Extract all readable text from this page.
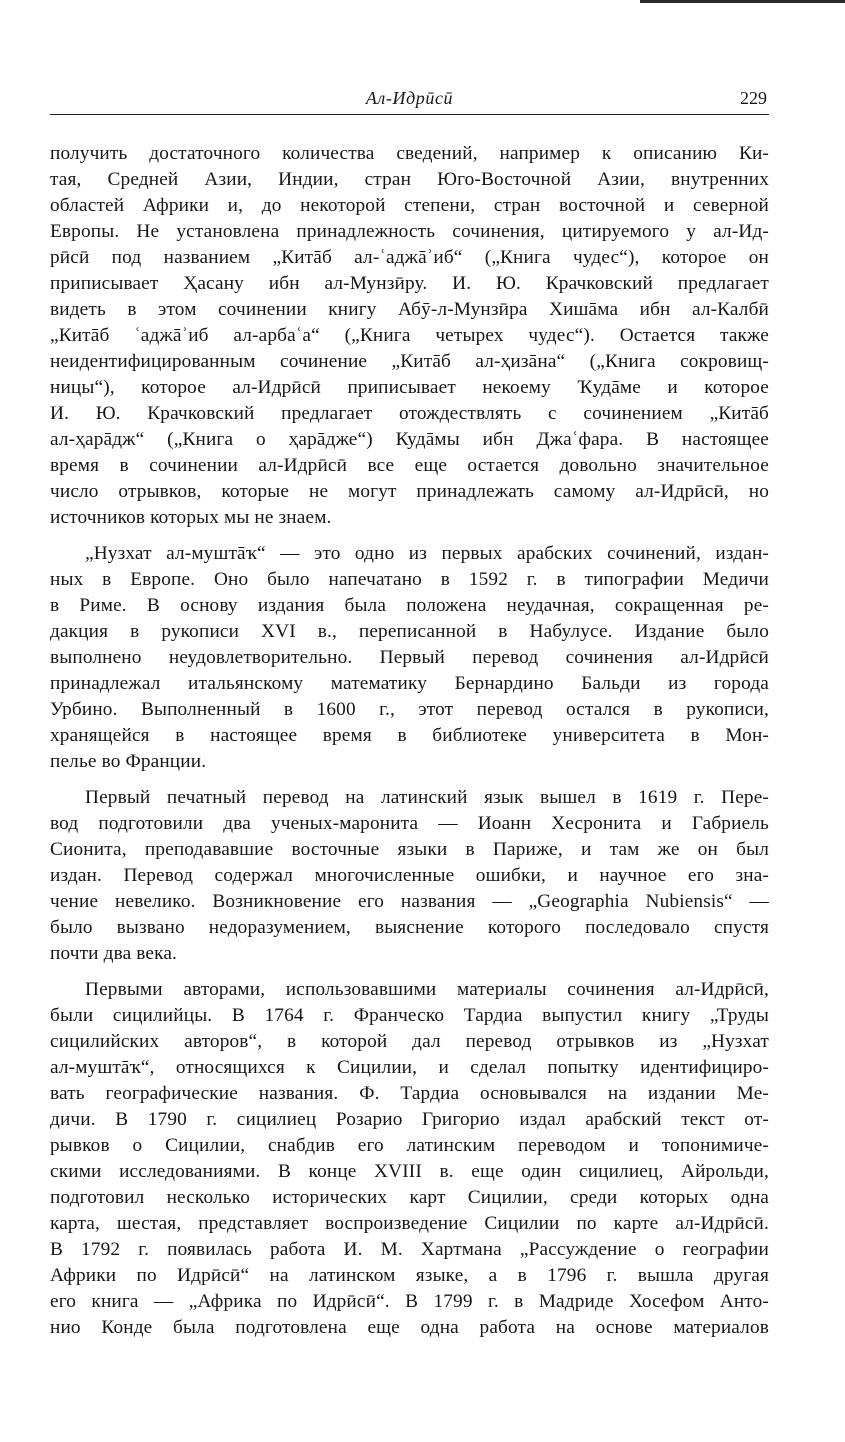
Ал-Идрӣсӣ	229
получить достаточного количества сведений, например к описанию Ки-
тая, Средней Азии, Индии, стран Юго-Восточной Азии, внутренних
областей Африки и, до некоторой степени, стран восточной и северной
Европы. Не установлена принадлежность сочинения, цитируемого у ал-Ид-
рӣсӣ под названием „Китāб ал-ʿаджāʾиб“ („Книга чудес“), которое он
приписывает Ҳасану ибн ал-Мунзӣру. И. Ю. Крачковский предлагает
видеть в этом сочинении книгу Абӯ-л-Мунзӣра Хишāма ибн ал-Калбӣ
„Китāб ʿаджāʾиб ал-арбаʿа“ („Книга четырех чудес“). Остается также
неидентифицированным сочинение „Китāб ал-ҳизāна“ („Книга сокровищ-
ницы“), которое ал-Идрӣсӣ приписывает некоему Ҡудāме и которое
И. Ю. Крачковский предлагает отождествлять с сочинением „Китāб
ал-ҳарāдж“ („Книга о ҳарāдже“) Кудāмы ибн Джаʿфара. В настоящее
время в сочинении ал-Идрӣсӣ все еще остается довольно значительное
число отрывков, которые не могут принадлежать самому ал-Идрӣсӣ, но
источников которых мы не знаем.
„Нузхат ал-муштāҡ“ — это одно из первых арабских сочинений, издан-
ных в Европе. Оно было напечатано в 1592 г. в типографии Медичи
в Риме. В основу издания была положена неудачная, сокращенная ре-
дакция в рукописи XVI в., переписанной в Набулусе. Издание было
выполнено неудовлетворительно. Первый перевод сочинения ал-Идрӣсӣ
принадлежал итальянскому математику Бернардино Бальди из города
Урбино. Выполненный в 1600 г., этот перевод остался в рукописи,
хранящейся в настоящее время в библиотеке университета в Мон-
пелье во Франции.
Первый печатный перевод на латинский язык вышел в 1619 г. Пере-
вод подготовили два ученых-маронита — Иоанн Хесронита и Габриель
Сионита, преподававшие восточные языки в Париже, и там же он был
издан. Перевод содержал многочисленные ошибки, и научное его зна-
чение невелико. Возникновение его названия — „Geographia Nubiensis“ —
было вызвано недоразумением, выяснение которого последовало спустя
почти два века.
Первыми авторами, использовавшими материалы сочинения ал-Идрӣсӣ,
были сицилийцы. В 1764 г. Франческо Тардиа выпустил книгу „Труды
сицилийских авторов“, в которой дал перевод отрывков из „Нузхат
ал-муштāҡ“, относящихся к Сицилии, и сделал попытку идентифициро-
вать географические названия. Ф. Тардиа основывался на издании Ме-
дичи. В 1790 г. сицилиец Розарио Григорио издал арабский текст от-
рывков о Сицилии, снабдив его латинским переводом и топонимиче-
скими исследованиями. В конце XVIII в. еще один сицилиец, Айрольди,
подготовил несколько исторических карт Сицилии, среди которых одна
карта, шестая, представляет воспроизведение Сицилии по карте ал-Идрӣсӣ.
В 1792 г. появилась работа И. М. Хартмана „Рассуждение о географии
Африки по Идрӣсӣ“ на латинском языке, а в 1796 г. вышла другая
его книга — „Африка по Идрӣсӣ“. В 1799 г. в Мадриде Хосефом Анто-
нио Конде была подготовлена еще одна работа на основе материалов
